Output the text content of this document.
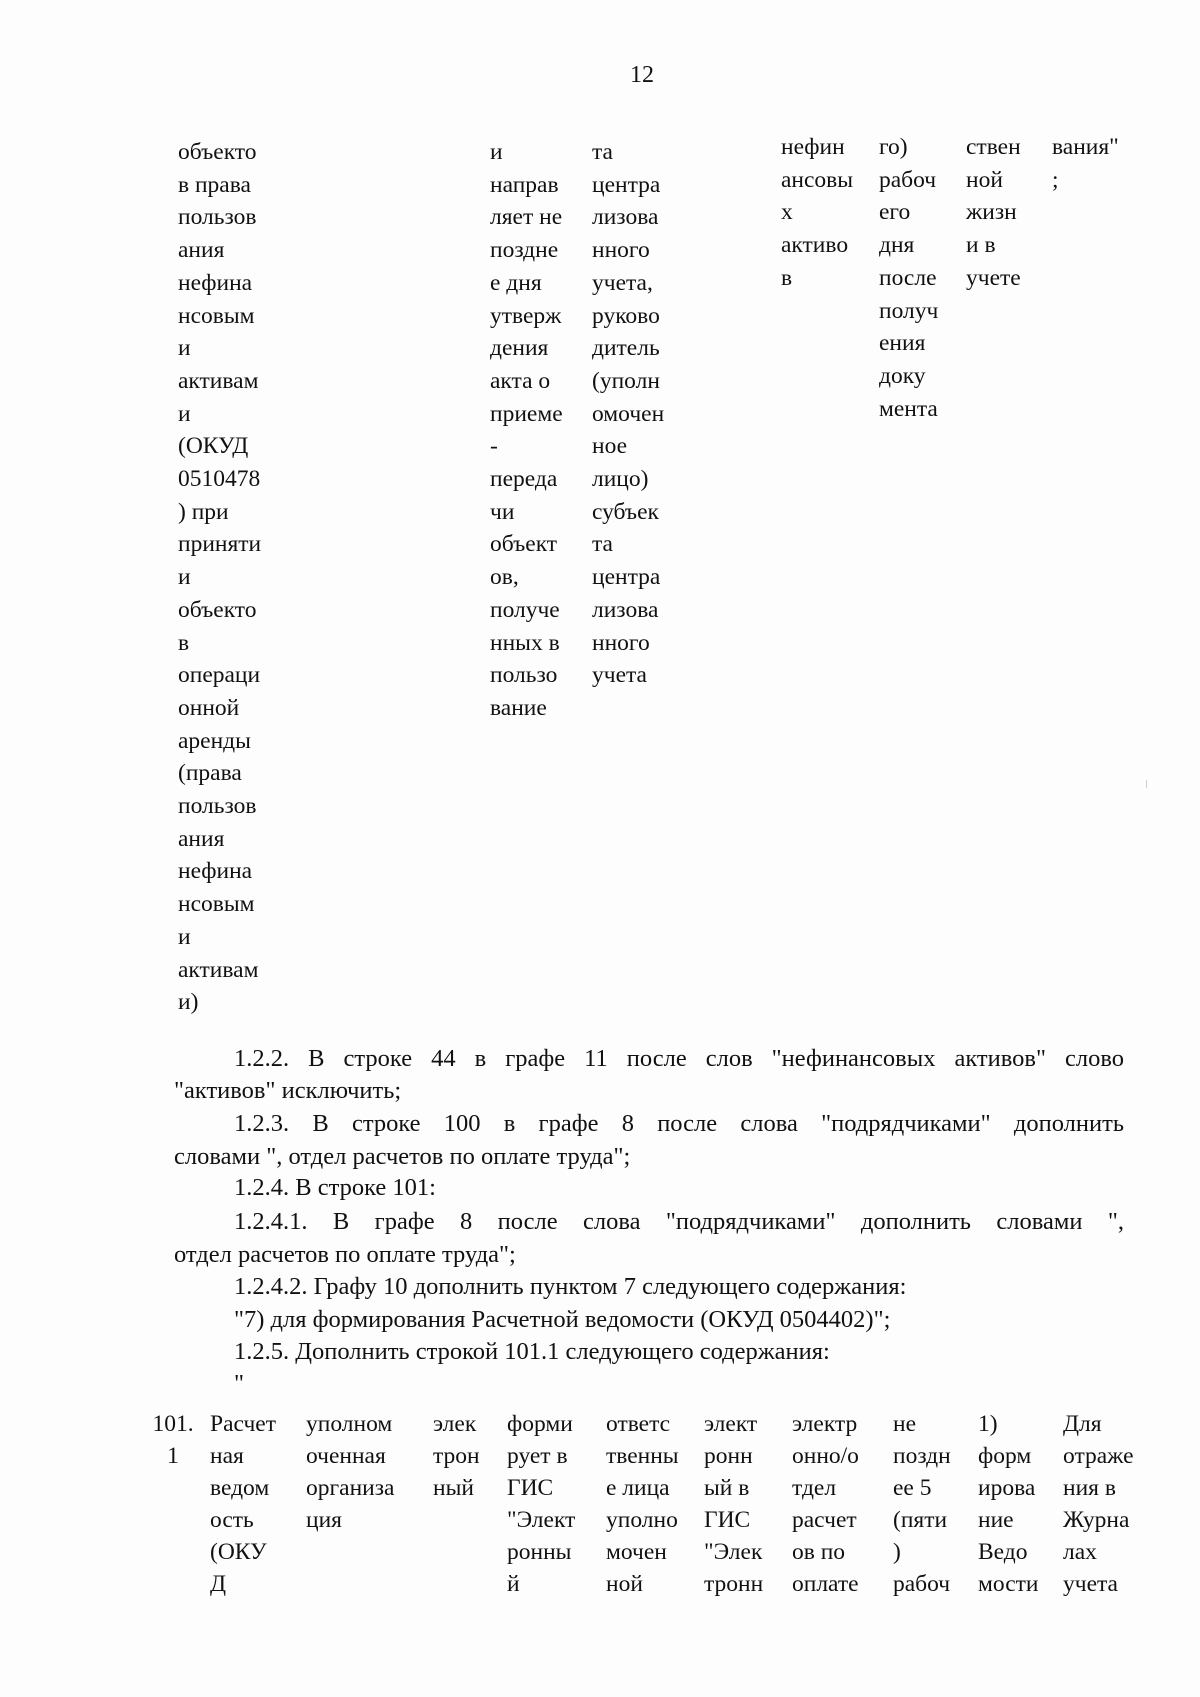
12
объекто
в права
пользов
ания
нефина
нсовым
и
активам
и
(ОКУД
0510478
) при
приняти
и
объекто
в
операци
онной
аренды
(права
пользов
ания
нефина
нсовым
и
активам
и)
и
направ
ляет не
поздне
е дня
утверж
дения
акта о
приеме
-
переда
чи
объект
ов,
получе
нных в
пользо
вание
та
центра
лизова
нного
учета,
руково
дитель
(уполн
омочен
ное
лицо)
субъек
та
центра
лизова
нного
учета
нефин
ансовы
х
активо
в
го)
рабоч
его
дня
после
получ
ения
доку
мента
ствен
ной
жизн
и в
учете
вания"
;
1.2.2. В строке 44 в графе 11 после слов "нефинансовых активов" слово
"активов" исключить;
1.2.3. В строке 100 в графе 8 после слова "подрядчиками" дополнить
словами ", отдел расчетов по оплате труда";
1.2.4. В строке 101:
1.2.4.1. В графе 8 после слова "подрядчиками" дополнить словами ",
отдел расчетов по оплате труда";
1.2.4.2. Графу 10 дополнить пунктом 7 следующего содержания:
"7) для формирования Расчетной ведомости (ОКУД 0504402)";
1.2.5. Дополнить строкой 101.1 следующего содержания:
"
101.
1
Расчет
ная
ведом
ость
(ОКУ
Д
уполном
оченная
организа
ция
элек
трон
ный
форми
рует в
ГИС
"Элект
ронны
й
ответс
твенны
е лица
уполно
мочен
ной
элект
ронн
ый в
ГИС
"Элек
тронн
электр
онно/о
тдел
расчет
ов по
оплате
не
поздн
ее 5
(пяти
)
рабоч
1)
форм
ирова
ние
Ведо
мости
Для
отраже
ния в
Журна
лах
учета
